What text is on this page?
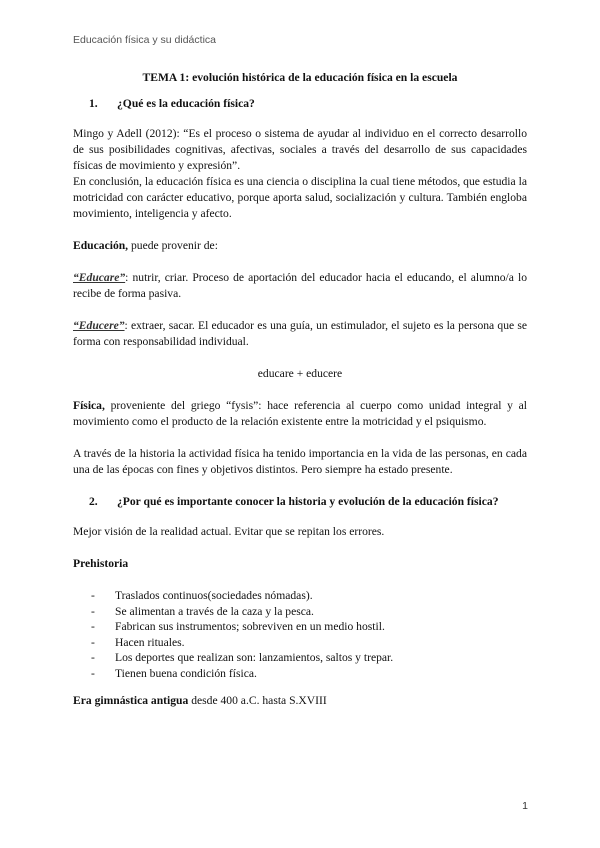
Educación física y su didáctica

TEMA 1: evolución histórica de la educación física en la escuela

1. ¿Qué es la educación física?

Mingo y Adell (2012): “Es el proceso o sistema de ayudar al individuo en el correcto desarrollo de sus posibilidades cognitivas, afectivas, sociales a través del desarrollo de sus capacidades físicas de movimiento y expresión”.

En conclusión, la educación física es una ciencia o disciplina la cual tiene métodos, que estudia la motricidad con carácter educativo, porque aporta salud, socialización y cultura. También engloba movimiento, inteligencia y afecto.

Educación, puede provenir de:

“Educare”: nutrir, criar. Proceso de aportación del educador hacia el educando, el alumno/a lo recibe de forma pasiva.

“Educere”: extraer, sacar. El educador es una guía, un estimulador, el sujeto es la persona que se forma con responsabilidad individual.

educare + educere

Física, proveniente del griego “fysis”: hace referencia al cuerpo como unidad integral y al movimiento como el producto de la relación existente entre la motricidad y el psiquismo.

A través de la historia la actividad física ha tenido importancia en la vida de las personas, en cada una de las épocas con fines y objetivos distintos. Pero siempre ha estado presente.

2. ¿Por qué es importante conocer la historia y evolución de la educación física?

Mejor visión de la realidad actual. Evitar que se repitan los errores.

Prehistoria

- Traslados continuos(sociedades nómadas).
- Se alimentan a través de la caza y la pesca.
- Fabrican sus instrumentos; sobreviven en un medio hostil.
- Hacen rituales.
- Los deportes que realizan son: lanzamientos, saltos y trepar.
- Tienen buena condición física.

Era gimnástica antigua desde 400 a.C. hasta S.XVIII

1
